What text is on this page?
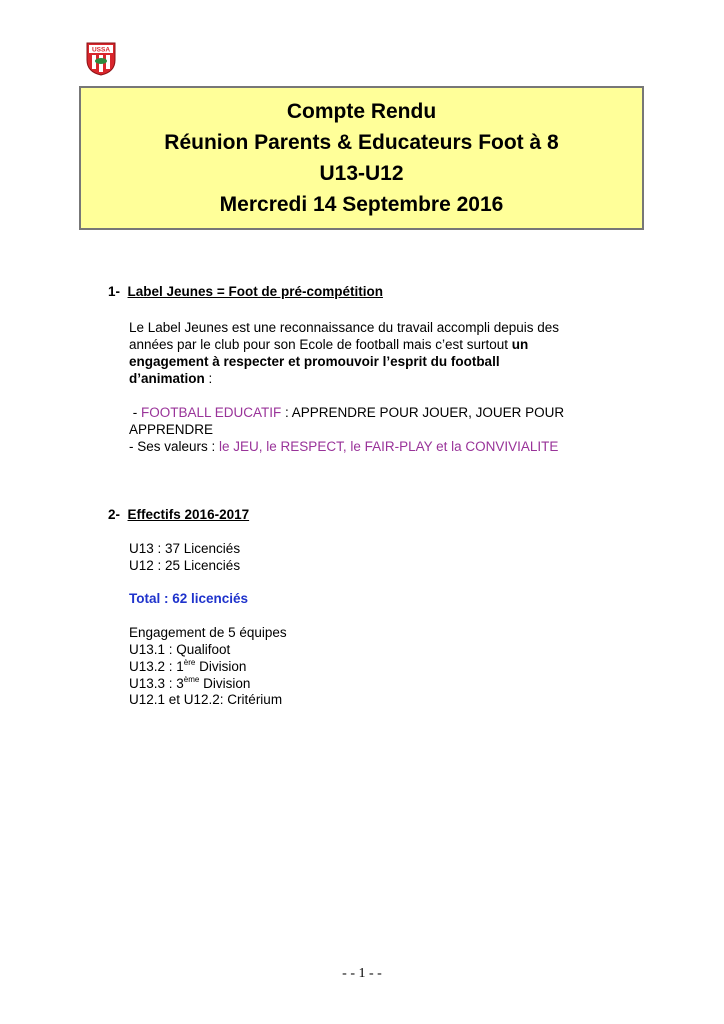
USSA
Compte Rendu
Réunion Parents & Educateurs Foot à 8
U13-U12
Mercredi 14 Septembre 2016
1- Label Jeunes = Foot de pré-compétition
Le Label Jeunes est une reconnaissance du travail accompli depuis des
années par le club pour son Ecole de football mais c’est surtout un
engagement à respecter et promouvoir l’esprit du football
d’animation :
- FOOTBALL EDUCATIF : APPRENDRE POUR JOUER, JOUER POUR
APPRENDRE
- Ses valeurs : le JEU, le RESPECT, le FAIR-PLAY et la CONVIVIALITE
2- Effectifs 2016-2017
U13 : 37 Licenciés
U12 : 25 Licenciés
Total : 62 licenciés
Engagement de 5 équipes
U13.1 : Qualifoot
U13.2 : 1ère Division
U13.3 : 3ème Division
U12.1 et U12.2: Critérium
- - 1 - -
